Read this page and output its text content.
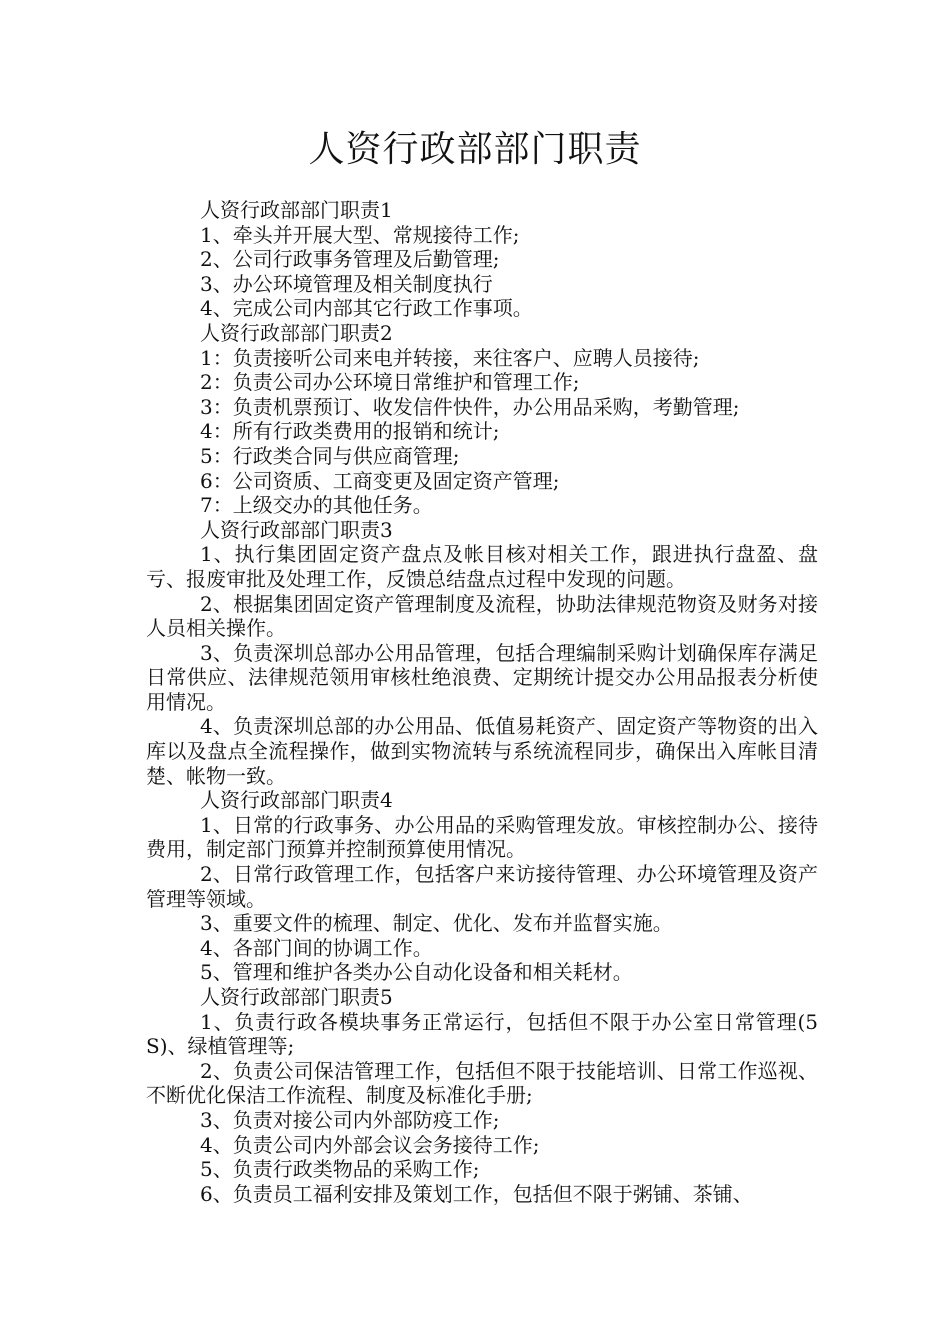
人资行政部部门职责

人资行政部部门职责1

1、牵头并开展大型、常规接待工作;

2、公司行政事务管理及后勤管理;

3、办公环境管理及相关制度执行

4、完成公司内部其它行政工作事项。

人资行政部部门职责2

1：负责接听公司来电并转接，来往客户、应聘人员接待;

2：负责公司办公环境日常维护和管理工作;

3：负责机票预订、收发信件快件，办公用品采购，考勤管理;

4：所有行政类费用的报销和统计;

5：行政类合同与供应商管理;

6：公司资质、工商变更及固定资产管理;

7：上级交办的其他任务。

人资行政部部门职责3

1、执行集团固定资产盘点及帐目核对相关工作，跟进执行盘盈、盘亏、报废审批及处理工作，反馈总结盘点过程中发现的问题。

2、根据集团固定资产管理制度及流程，协助法律规范物资及财务对接人员相关操作。

3、负责深圳总部办公用品管理，包括合理编制采购计划确保库存满足日常供应、法律规范领用审核杜绝浪费、定期统计提交办公用品报表分析使用情况。

4、负责深圳总部的办公用品、低值易耗资产、固定资产等物资的出入库以及盘点全流程操作，做到实物流转与系统流程同步，确保出入库帐目清楚、帐物一致。

人资行政部部门职责4

1、日常的行政事务、办公用品的采购管理发放。审核控制办公、接待费用，制定部门预算并控制预算使用情况。

2、日常行政管理工作，包括客户来访接待管理、办公环境管理及资产管理等领域。

3、重要文件的梳理、制定、优化、发布并监督实施。

4、各部门间的协调工作。

5、管理和维护各类办公自动化设备和相关耗材。

人资行政部部门职责5

1、负责行政各模块事务正常运行，包括但不限于办公室日常管理(5S)、绿植管理等;

2、负责公司保洁管理工作，包括但不限于技能培训、日常工作巡视、不断优化保洁工作流程、制度及标准化手册;

3、负责对接公司内外部防疫工作;

4、负责公司内外部会议会务接待工作;

5、负责行政类物品的采购工作;

6、负责员工福利安排及策划工作，包括但不限于粥铺、茶铺、
